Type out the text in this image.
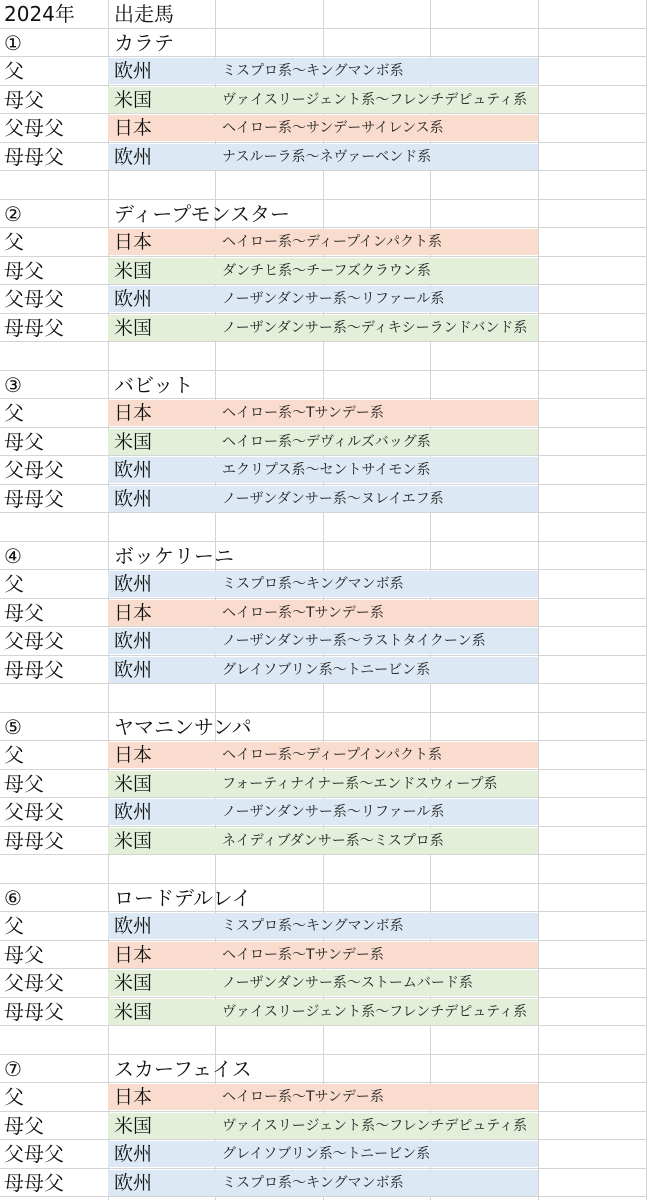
2024年 出走馬
①	カラテ
父	欧州	ミスプロ系～キングマンボ系
母父	米国	ヴァイスリージェント系～フレンチデピュティ系
父母父	日本	ヘイロー系～サンデーサイレンス系
母母父	欧州	ナスルーラ系～ネヴァーベンド系
②	ディープモンスター
父	日本	ヘイロー系～ディープインパクト系
母父	米国	ダンチヒ系～チーフズクラウン系
父母父	欧州	ノーザンダンサー系～リファール系
母母父	米国	ノーザンダンサー系～ディキシーランドバンド系
③	バビット
父	日本	ヘイロー系～Tサンデー系
母父	米国	ヘイロー系～デヴィルズバッグ系
父母父	欧州	エクリプス系～セントサイモン系
母母父	欧州	ノーザンダンサー系～ヌレイエフ系
④	ボッケリーニ
父	欧州	ミスプロ系～キングマンボ系
母父	日本	ヘイロー系～Tサンデー系
父母父	欧州	ノーザンダンサー系～ラストタイクーン系
母母父	欧州	グレイソブリン系～トニービン系
⑤	ヤマニンサンパ
父	日本	ヘイロー系～ディープインパクト系
母父	米国	フォーティナイナー系～エンドスウィープ系
父母父	欧州	ノーザンダンサー系～リファール系
母母父	米国	ネイディブダンサー系～ミスプロ系
⑥	ロードデルレイ
父	欧州	ミスプロ系～キングマンボ系
母父	日本	ヘイロー系～Tサンデー系
父母父	米国	ノーザンダンサー系～ストームバード系
母母父	米国	ヴァイスリージェント系～フレンチデピュティ系
⑦	スカーフェイス
父	日本	ヘイロー系～Tサンデー系
母父	米国	ヴァイスリージェント系～フレンチデピュティ系
父母父	欧州	グレイソブリン系～トニービン系
母母父	欧州	ミスプロ系～キングマンボ系
